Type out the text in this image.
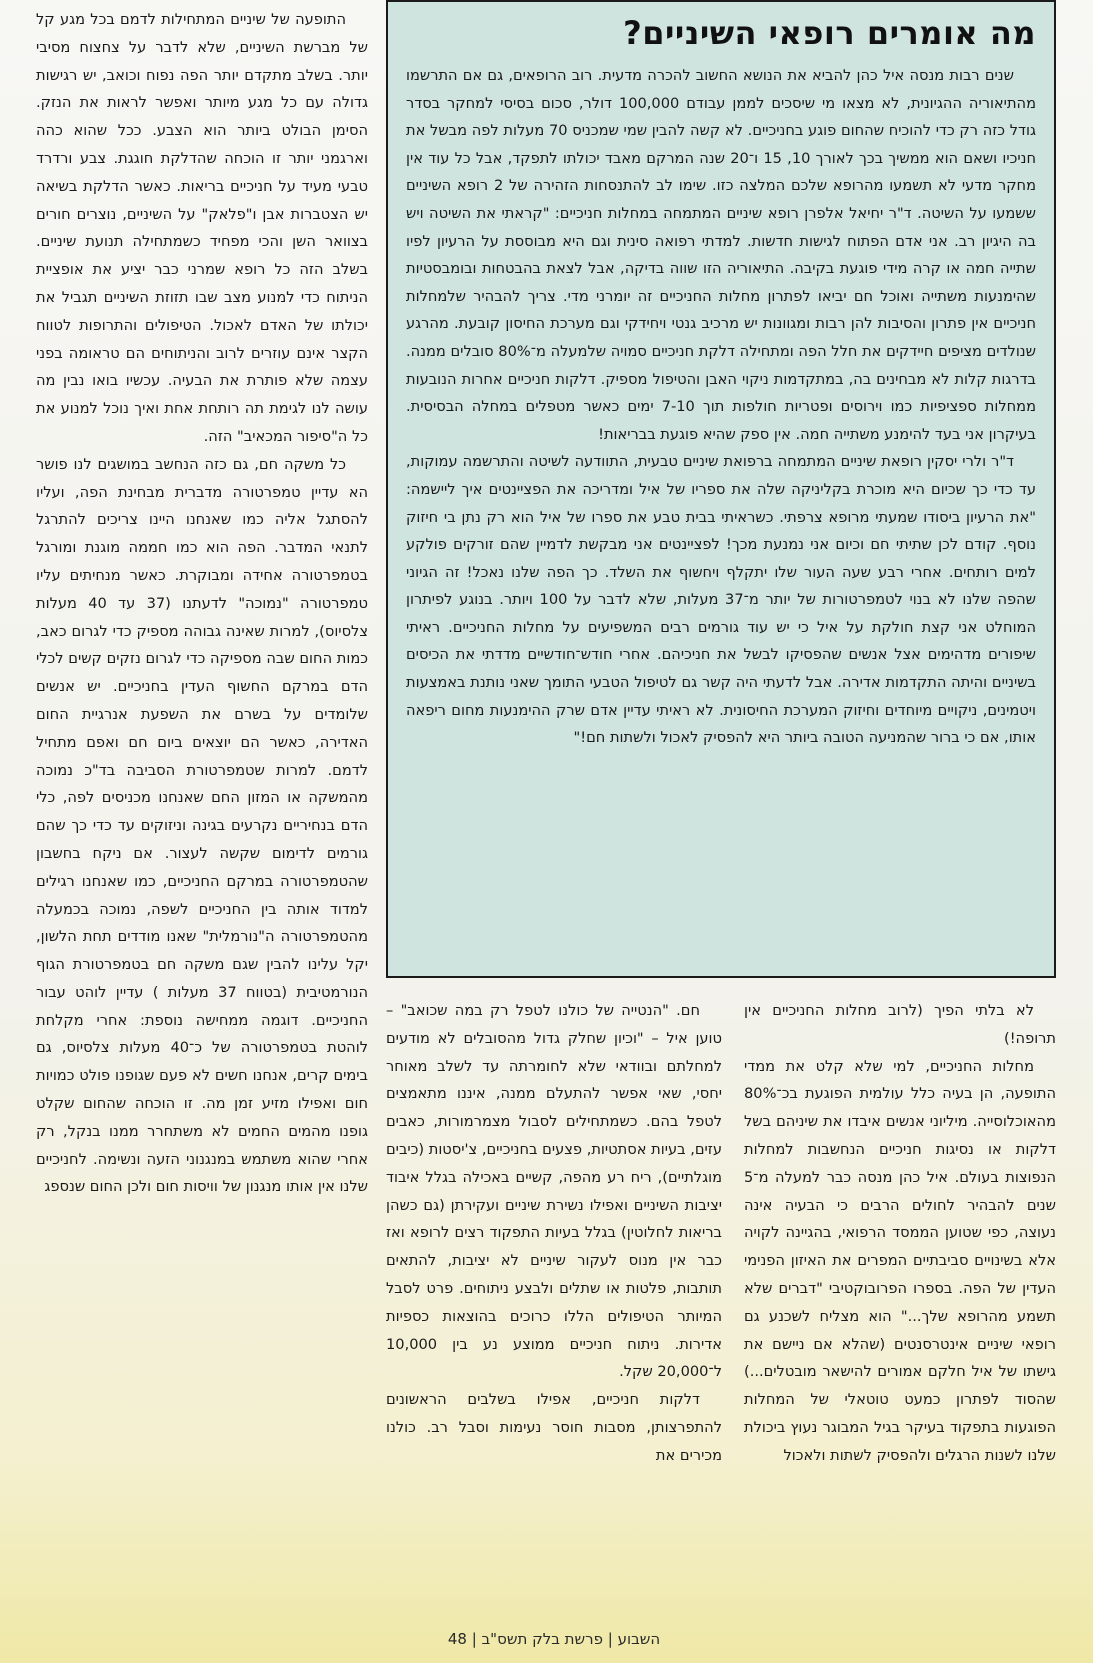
התופעה של שיניים המתחילות לדמם בכל מגע קל של מברשת השיניים, שלא לדבר על צחצוח מסיבי יותר. בשלב מתקדם יותר הפה נפוח וכואב, יש רגישות גדולה עם כל מגע מיותר ואפשר לראות את הנזק. הסימן הבולט ביותר הוא הצבע. ככל שהוא כהה וארגמני יותר זו הוכחה שהדלקת חוגגת. צבע ורדרד טבעי מעיד על חניכיים בריאות. כאשר הדלקת בשיאה יש הצטברות אבן ו"פלאק" על השיניים, נוצרים חורים בצוואר השן והכי מפחיד כשמתחילה תנועת שיניים. בשלב הזה כל רופא שמרני כבר יציע את אופציית הניתוח כדי למנוע מצב שבו תזוזת השיניים תגביל את יכולתו של האדם לאכול. הטיפולים והתרופות לטווח הקצר אינם עוזרים לרוב והניתוחים הם טראומה בפני עצמה שלא פותרת את הבעיה. עכשיו בואו נבין מה עושה לנו לגימת תה רותחת אחת ואיך נוכל למנוע את כל ה"סיפור המכאיב" הזה.

כל משקה חם, גם כזה הנחשב במושגים לנו פושר הא עדיין טמפרטורה מדברית מבחינת הפה, ועליו להסתגל אליה כמו שאנחנו היינו צריכים להתרגל לתנאי המדבר. הפה הוא כמו חממה מוגנת ומורגל בטמפרטורה אחידה ומבוקרת. כאשר מנחיתים עליו טמפרטורה "נמוכה" לדעתנו (37 עד 40 מעלות צלסיוס), למרות שאינה גבוהה מספיק כדי לגרום כאב, כמות החום שבה מספיקה כדי לגרום נזקים קשים לכלי הדם במרקם החשוף העדין בחניכיים. יש אנשים שלומדים על בשרם את השפעת אנרגיית החום האדירה, כאשר הם יוצאים ביום חם ואפם מתחיל לדמם. למרות שטמפרטורת הסביבה בד"כ נמוכה מהמשקה או המזון החם שאנחנו מכניסים לפה, כלי הדם בנחיריים נקרעים בגינה וניזוקים עד כדי כך שהם גורמים לדימום שקשה לעצור. אם ניקח בחשבון שהטמפרטורה במרקם החניכיים, כמו שאנחנו רגילים למדוד אותה בין החניכיים לשפה, נמוכה בכמעלה מהטמפרטורה ה"נורמלית" שאנו מודדים תחת הלשון, יקל עלינו להבין שגם משקה חם בטמפרטורת הגוף הנורמטיבית (בטווח 37 מעלות ) עדיין לוהט עבור החניכיים. דוגמה ממחישה נוספת: אחרי מקלחת לוהטת בטמפרטורה של כ־40 מעלות צלסיוס, גם בימים קרים, אנחנו חשים לא פעם שגופנו פולט כמויות חום ואפילו מזיע זמן מה. זו הוכחה שהחום שקלט גופנו מהמים החמים לא משתחרר ממנו בנקל, רק אחרי שהוא משתמש במנגנוני הזעה ונשימה. לחניכיים שלנו אין אותו מנגנון של וויסות חום ולכן החום שנספג

מה אומרים רופאי השיניים?

שנים רבות מנסה איל כהן להביא את הנושא החשוב להכרה מדעית. רוב הרופאים, גם אם התרשמו מהתיאוריה ההגיונית, לא מצאו מי שיסכים לממן עבודם 100,000 דולר, סכום בסיסי למחקר בסדר גודל כזה רק כדי להוכיח שהחום פוגע בחניכיים. לא קשה להבין שמי שמכניס 70 מעלות לפה מבשל את חניכיו ושאם הוא ממשיך בכך לאורך 10, 15 ו־20 שנה המרקם מאבד יכולתו לתפקד, אבל כל עוד אין מחקר מדעי לא תשמעו מהרופא שלכם המלצה כזו. שימו לב להתנסחות הזהירה של 2 רופא השיניים ששמעו על השיטה. ד"ר יחיאל אלפרן רופא שיניים המתמחה במחלות חניכיים: "קראתי את השיטה ויש בה היגיון רב. אני אדם הפתוח לגישות חדשות. למדתי רפואה סינית וגם היא מבוססת על הרעיון לפיו שתייה חמה או קרה מידי פוגעת בקיבה. התיאוריה הזו שווה בדיקה, אבל לצאת בהבטחות ובומבסטיות שהימנעות משתייה ואוכל חם יביאו לפתרון מחלות החניכיים זה יומרני מדי. צריך להבהיר שלמחלות חניכיים אין פתרון והסיבות להן רבות ומגוונות יש מרכיב גנטי ויחידקי וגם מערכת החיסון קובעת. מהרגע שנולדים מציפים חיידקים את חלל הפה ומתחילה דלקת חניכיים סמויה שלמעלה מ־80% סובלים ממנה. בדרגות קלות לא מבחינים בה, במתקדמות ניקוי האבן והטיפול מספיק. דלקות חניכיים אחרות הנובעות ממחלות ספציפיות כמו וירוסים ופטריות חולפות תוך 7-10 ימים כאשר מטפלים במחלה הבסיסית. בעיקרון אני בעד להימנע משתייה חמה. אין ספק שהיא פוגעת בבריאות!

ד"ר ולרי יסקין רופאת שיניים המתמחה ברפואת שיניים טבעית, התוודעה לשיטה והתרשמה עמוקות, עד כדי כך שכיום היא מוכרת בקליניקה שלה את ספריו של איל ומדריכה את הפציינטים איך ליישמה: "את הרעיון ביסודו שמעתי מרופא צרפתי. כשראיתי בבית טבע את ספרו של איל הוא רק נתן בי חיזוק נוסף. קודם לכן שתיתי חם וכיום אני נמנעת מכך! לפציינטים אני מבקשת לדמיין שהם זורקים פולקע למים רותחים. אחרי רבע שעה העור שלו יתקלף ויחשוף את השלד. כך הפה שלנו נאכל! זה הגיוני שהפה שלנו לא בנוי לטמפרטורות של יותר מ־37 מעלות, שלא לדבר על 100 ויותר. בנוגע לפיתרון המוחלט אני קצת חולקת על איל כי יש עוד גורמים רבים המשפיעים על מחלות החניכיים. ראיתי שיפורים מדהימים אצל אנשים שהפסיקו לבשל את חניכיהם. אחרי חודש־חודשיים מדדתי את הכיסים בשיניים והיתה התקדמות אדירה. אבל לדעתי היה קשר גם לטיפול הטבעי התומך שאני נותנת באמצעות ויטמינים, ניקויים מיוחדים וחיזוק המערכת החיסונית. לא ראיתי עדיין אדם שרק ההימנעות מחום ריפאה אותו, אם כי ברור שהמניעה הטובה ביותר היא להפסיק לאכול ולשתות חם!"

לא בלתי הפיך (לרוב מחלות החניכיים אין תרופה!)

מחלות החניכיים, למי שלא קלט את ממדי התופעה, הן בעיה כלל עולמית הפוגעת בכ־80% מהאוכלוסייה. מיליוני אנשים איבדו את שיניהם בשל דלקות או נסיגות חניכיים הנחשבות למחלות הנפוצות בעולם. איל כהן מנסה כבר למעלה מ־5 שנים להבהיר לחולים הרבים כי הבעיה אינה נעוצה, כפי שטוען הממסד הרפואי, בהגיינה לקויה אלא בשינויים סביבתיים המפרים את האיזון הפנימי העדין של הפה. בספרו הפרובוקטיבי "דברים שלא תשמע מהרופא שלך..." הוא מצליח לשכנע גם רופאי שיניים אינטרסנטים (שהלא אם ניישם את גישתו של איל חלקם אמורים להישאר מובטלים...) שהסוד לפתרון כמעט טוטאלי של המחלות הפוגעות בתפקוד בעיקר בגיל המבוגר נעוץ ביכולת שלנו לשנות הרגלים ולהפסיק לשתות ולאכול

חם. "הנטייה של כולנו לטפל רק במה שכואב" – טוען איל – "וכיון שחלק גדול מהסובלים לא מודעים למחלתם ובוודאי שלא לחומרתה עד לשלב מאוחר יחסי, שאי אפשר להתעלם ממנה, איננו מתאמצים לטפל בהם. כשמתחילים לסבול מצמרמורות, כאבים עזים, בעיות אסתטיות, פצעים בחניכיים, צ'יסטות (כיבים מוגלתיים), ריח רע מהפה, קשיים באכילה בגלל איבוד יציבות השיניים ואפילו נשירת שיניים ועקירתן (גם כשהן בריאות לחלוטין) בגלל בעיות התפקוד רצים לרופא ואז כבר אין מנוס לעקור שיניים לא יציבות, להתאים תותבות, פלטות או שתלים ולבצע ניתוחים. פרט לסבל המיותר הטיפולים הללו כרוכים בהוצאות כספיות אדירות. ניתוח חניכיים ממוצע נע בין 10,000 ל־20,000 שקל.

דלקות חניכיים, אפילו בשלבים הראשונים להתפרצותן, מסבות חוסר נעימות וסבל רב. כולנו מכירים את

השבוע | פרשת בלק תשס"ב | 48
